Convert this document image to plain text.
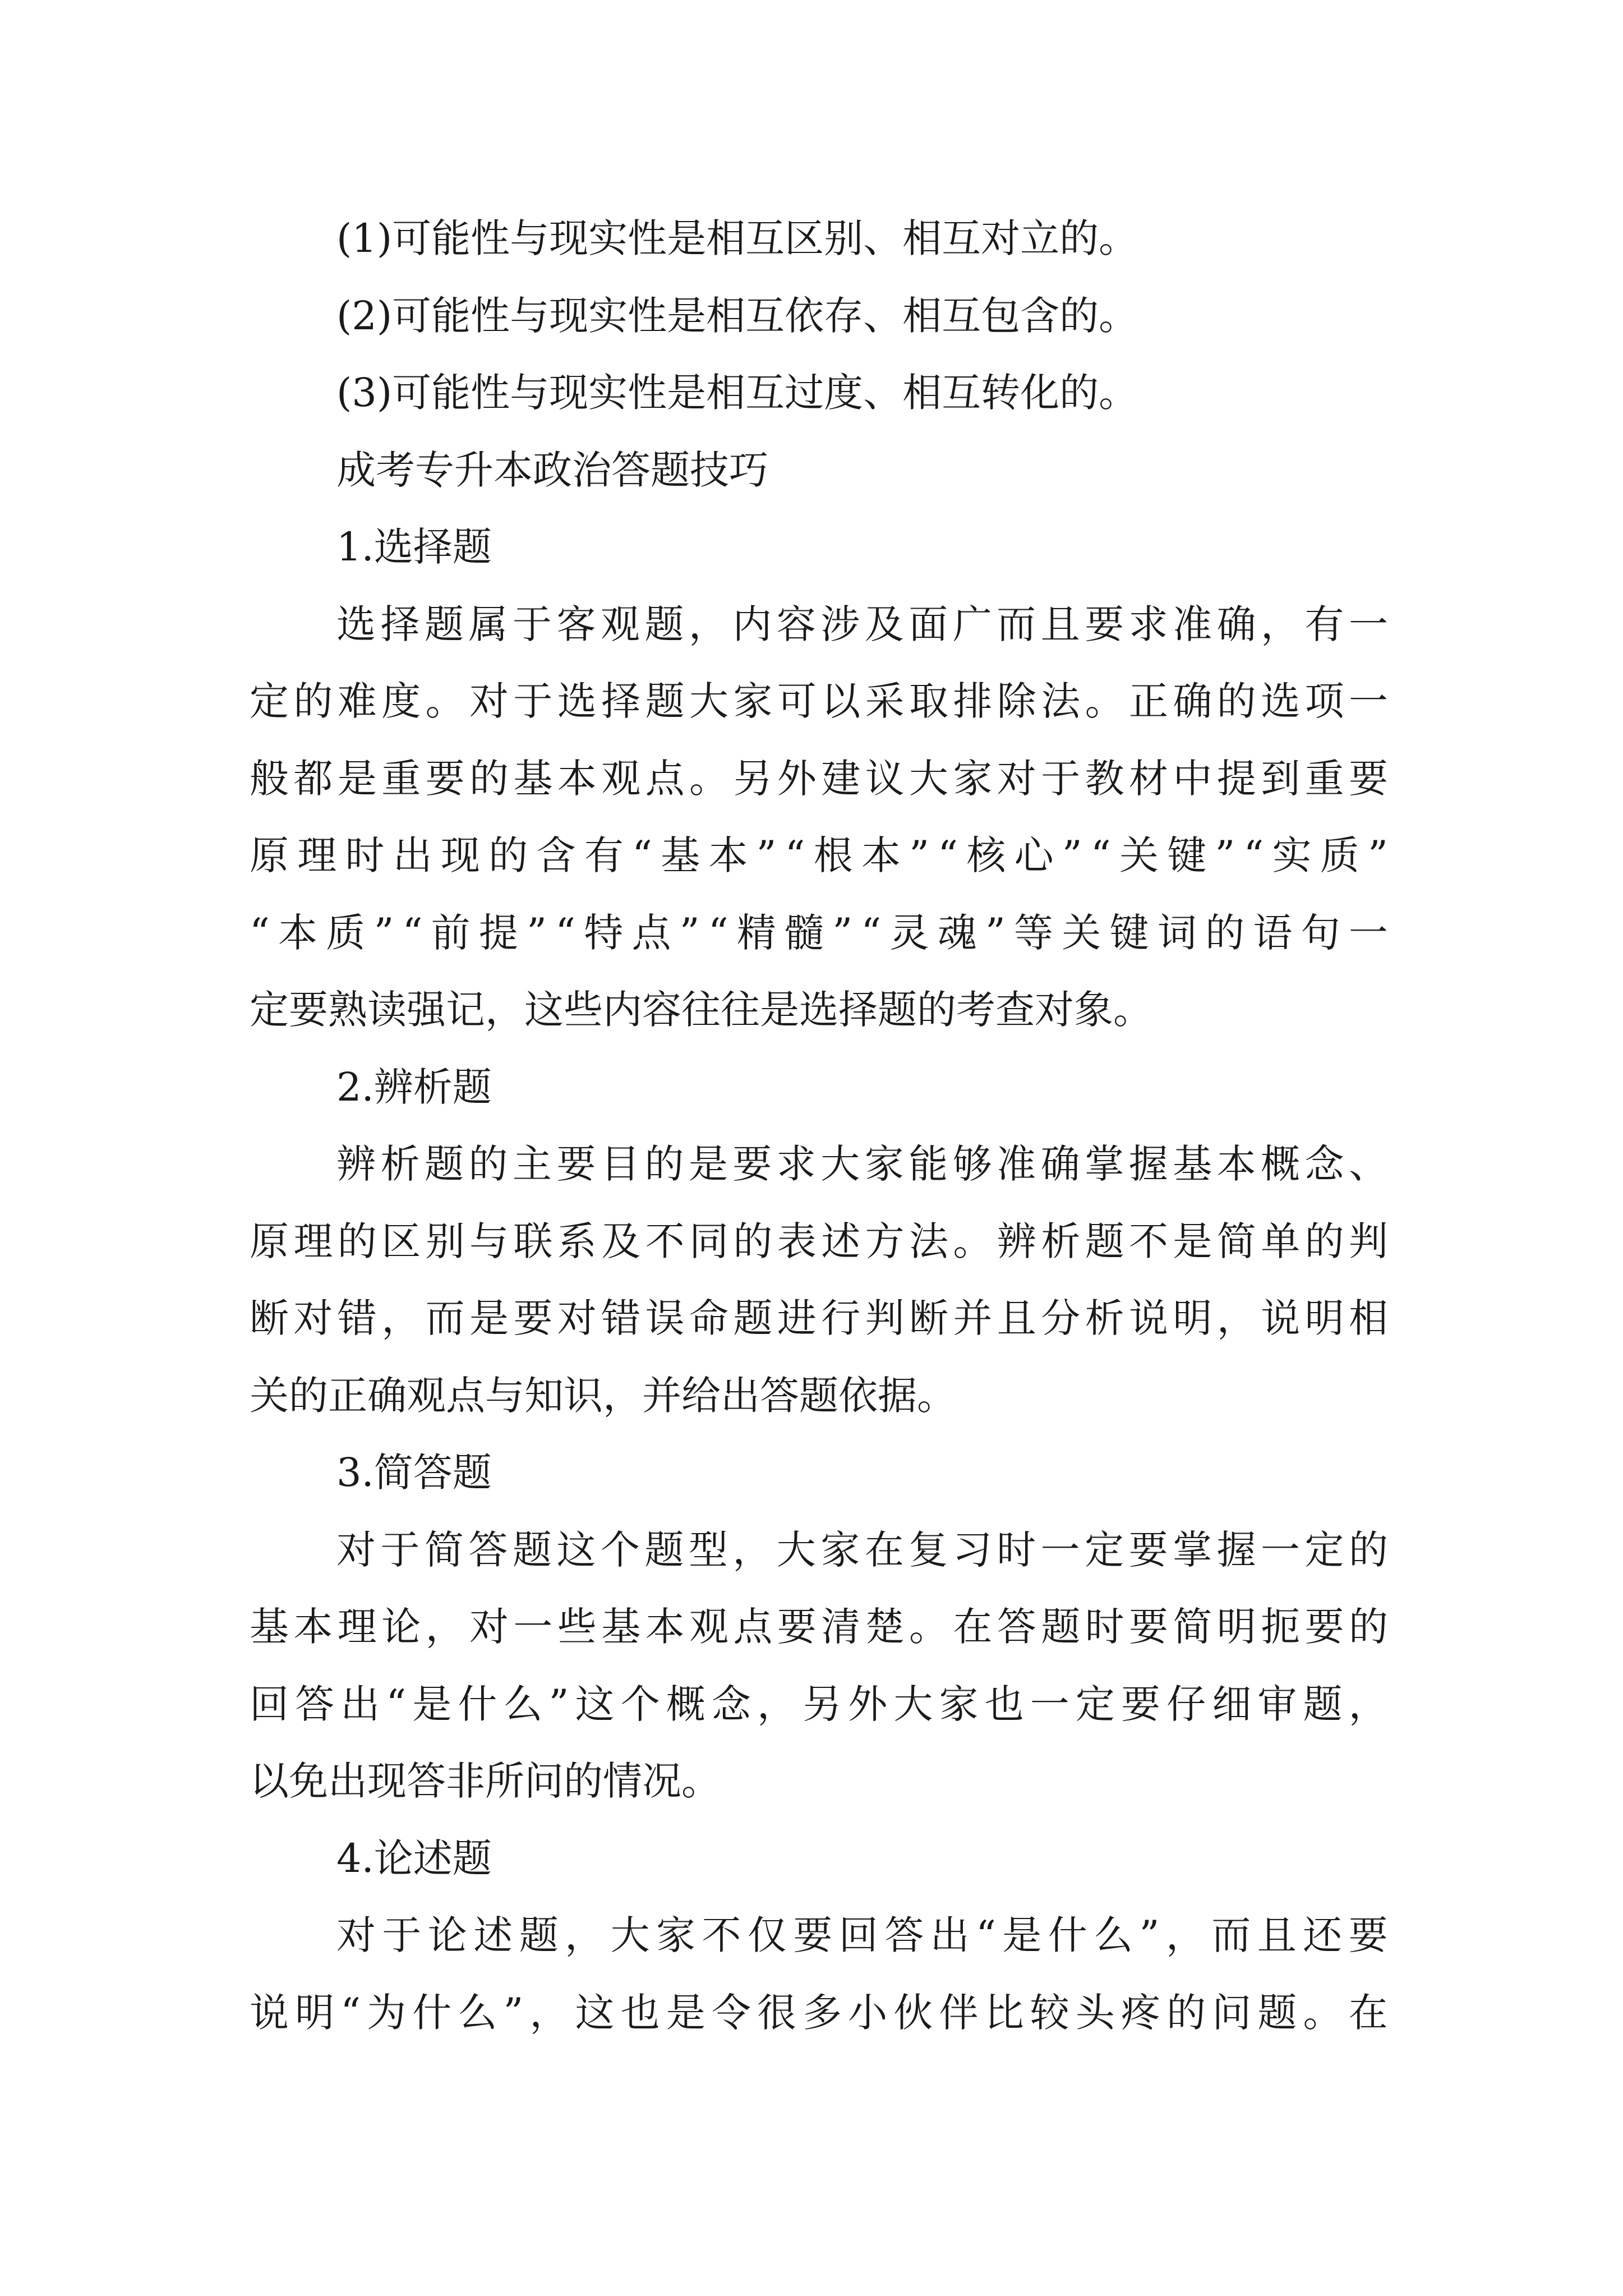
(1)可能性与现实性是相互区别、相互对立的。
(2)可能性与现实性是相互依存、相互包含的。
(3)可能性与现实性是相互过度、相互转化的。
成考专升本政治答题技巧
1.选择题
选择题属于客观题，内容涉及面广而且要求准确，有一
定的难度。对于选择题大家可以采取排除法。正确的选项一
般都是重要的基本观点。另外建议大家对于教材中提到重要
原理时出现的含有“基本”“根本”“核心”“关键”“实质”
“本质”“前提”“特点”“精髓”“灵魂”等关键词的语句一
定要熟读强记，这些内容往往是选择题的考查对象。
2.辨析题
辨析题的主要目的是要求大家能够准确掌握基本概念、
原理的区别与联系及不同的表述方法。辨析题不是简单的判
断对错，而是要对错误命题进行判断并且分析说明，说明相
关的正确观点与知识，并给出答题依据。
3.简答题
对于简答题这个题型，大家在复习时一定要掌握一定的
基本理论，对一些基本观点要清楚。在答题时要简明扼要的
回答出“是什么”这个概念，另外大家也一定要仔细审题，
以免出现答非所问的情况。
4.论述题
对于论述题，大家不仅要回答出“是什么”，而且还要
说明“为什么”，这也是令很多小伙伴比较头疼的问题。在
